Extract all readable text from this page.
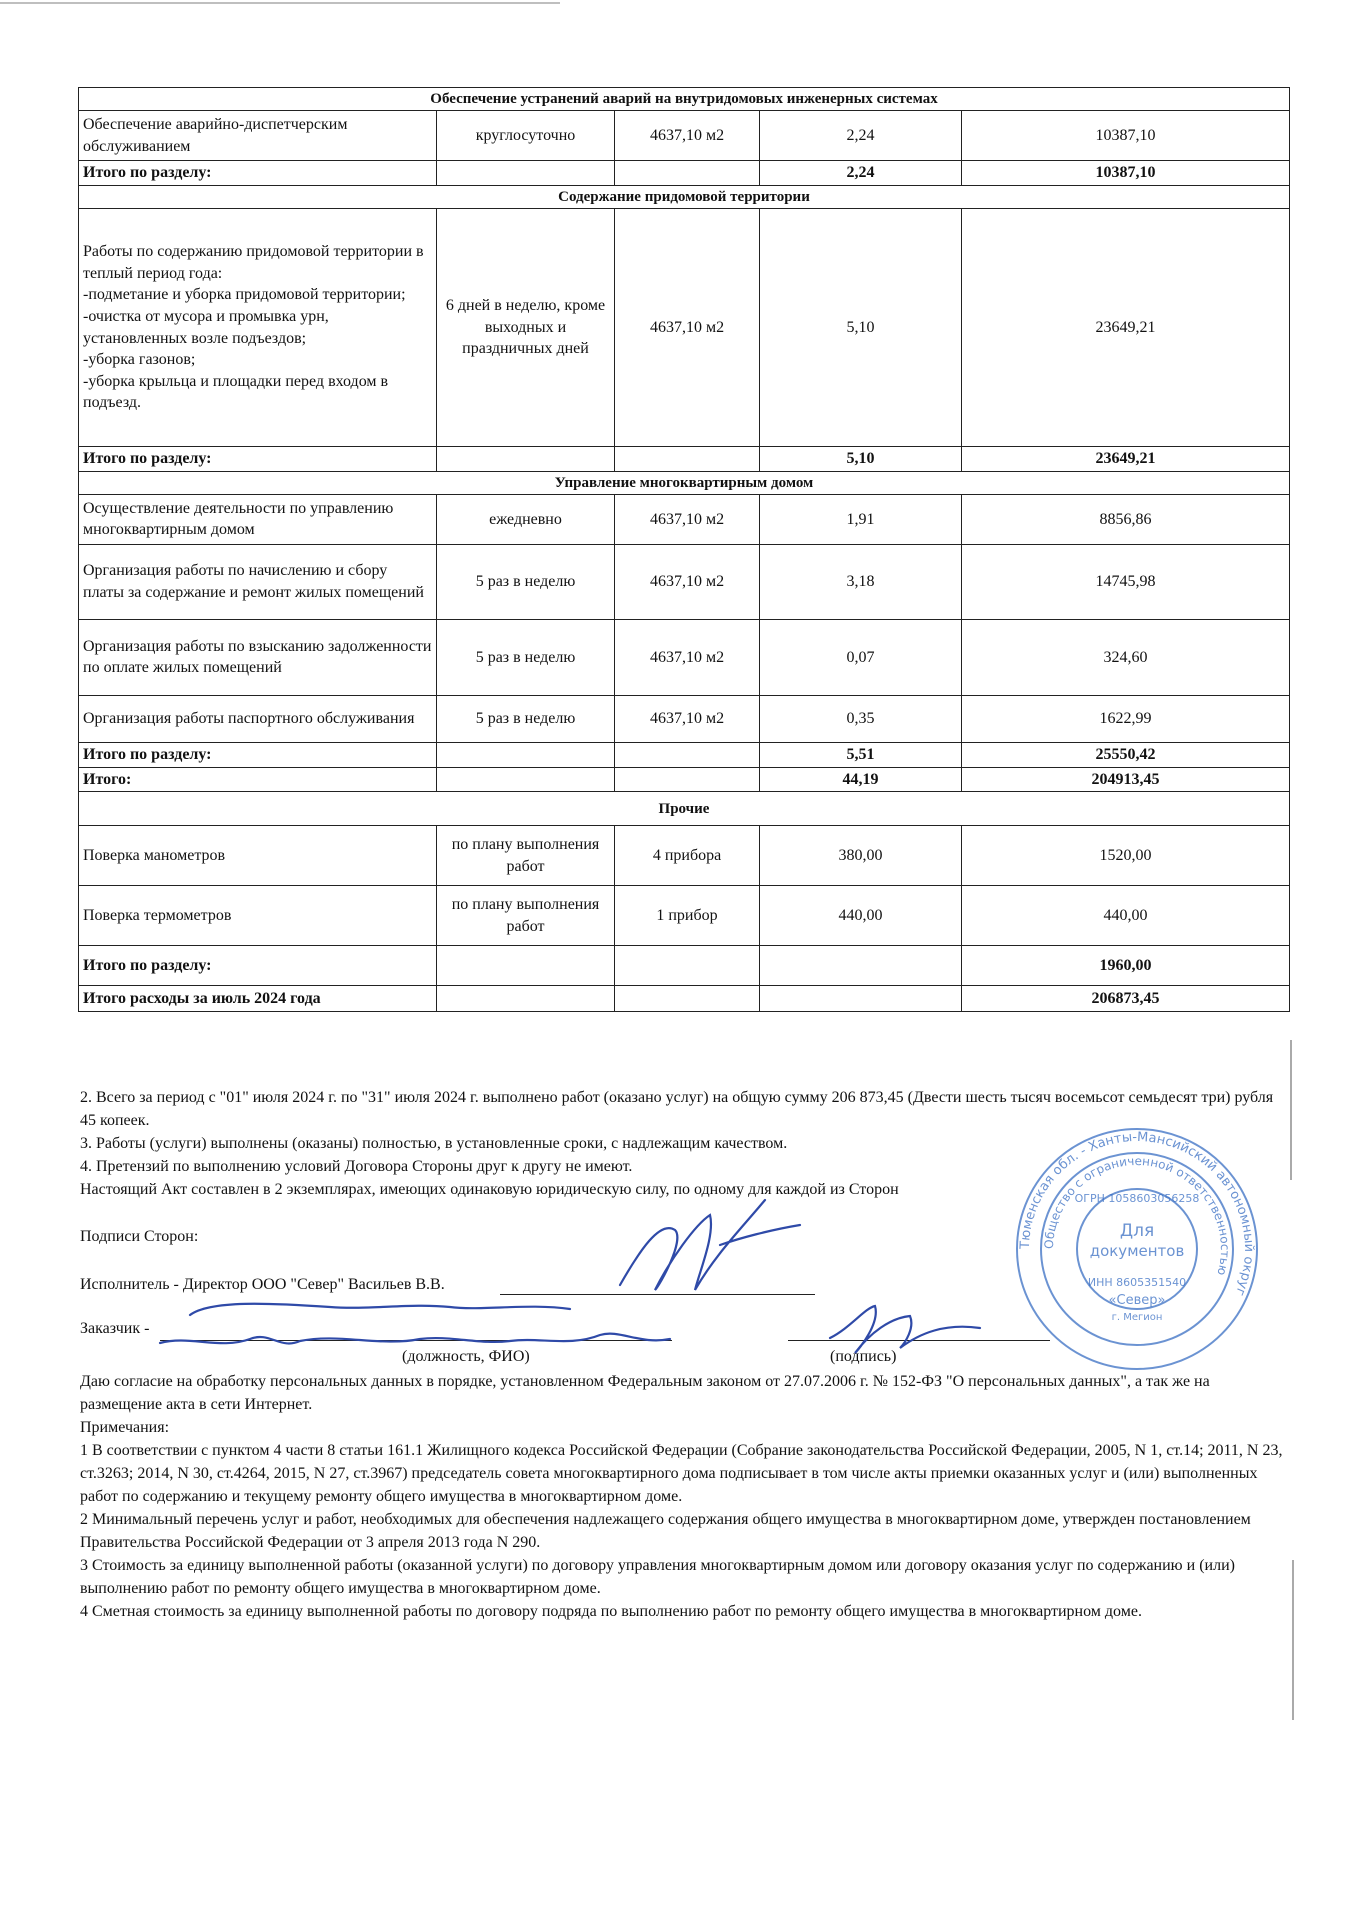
Обеспечение устранений аварий на внутридомовых инженерных системах				
Обеспечение аварийно-диспетчерским обслуживанием	круглосуточно	4637,10 м2	2,24	10387,10
Итого по разделу:			2,24	10387,10
Содержание придомовой территории				

Работы по содержанию придомовой территории в теплый период года:
-подметание и уборка придомовой территории;
-очистка от мусора и промывка урн, установленных возле подъездов;
-уборка газонов;
-уборка крыльца и площадки перед входом в подъезд.	6 дней в неделю, кроме выходных и праздничных дней	4637,10 м2	5,10	23649,21
Итого по разделу:			5,10	23649,21
Управление многоквартирным домом				
Осуществление деятельности по управлению многоквартирным домом	ежедневно	4637,10 м2	1,91	8856,86
Организация работы по начислению и сбору платы за содержание и ремонт жилых помещений	5 раз в неделю	4637,10 м2	3,18	14745,98
Организация работы по взысканию задолженности по оплате жилых помещений	5 раз в неделю	4637,10 м2	0,07	324,60
Организация работы паспортного обслуживания	5 раз в неделю	4637,10 м2	0,35	1622,99
Итого по разделу:			5,51	25550,42
Итого:			44,19	204913,45
Прочие				
Поверка манометров	по плану выполнения работ	4 прибора	380,00	1520,00
Поверка термометров	по плану выполнения работ	1 прибор	440,00	440,00
Итого по разделу:				1960,00
Итого расходы за июль 2024 года				206873,45

2. Всего за период с "01" июля 2024 г. по "31" июля 2024 г. выполнено работ (оказано услуг) на общую сумму 206 873,45 (Двести шесть тысяч восемьсот семьдесят три) рубля 45 копеек.

3. Работы (услуги) выполнены (оказаны) полностью, в установленные сроки, с надлежащим качеством.

4. Претензий по выполнению условий Договора Стороны друг к другу не имеют.

Настоящий Акт составлен в 2 экземплярах, имеющих одинаковую юридическую силу, по одному для каждой из Сторон

Подписи Сторон:
Исполнитель - Директор ООО "Север" Васильев В.В.
Заказчик -
(должность, ФИО)	(подпись)

Даю согласие на обработку персональных данных в порядке, установленном Федеральным законом от 27.07.2006 г. № 152-ФЗ "О персональных данных", а так же на размещение акта в сети Интернет.

Примечания:

1 В соответствии с пунктом 4 части 8 статьи 161.1 Жилищного кодекса Российской Федерации (Собрание законодательства Российской Федерации, 2005, N 1, ст.14; 2011, N 23, ст.3263; 2014, N 30, ст.4264, 2015, N 27, ст.3967) председатель совета многоквартирного дома подписывает в том числе акты приемки оказанных услуг и (или) выполненных работ по содержанию и текущему ремонту общего имущества в многоквартирном доме.

2 Минимальный перечень услуг и работ, необходимых для обеспечения надлежащего содержания общего имущества в многоквартирном доме, утвержден постановлением Правительства Российской Федерации от 3 апреля 2013 года N 290.

3 Стоимость за единицу выполненной работы (оказанной услуги) по договору управления многоквартирным домом или договору оказания услуг по содержанию и (или) выполнению работ по ремонту общего имущества в многоквартирном доме.

4 Сметная стоимость за единицу выполненной работы по договору подряда по выполнению работ по ремонту общего имущества в многоквартирном доме.

Тюменская обл. - Ханты-Мансийский автономный округ
Общество с ограниченной ответственностью
Для
документов
ОГРН 1058603056258
ИНН 8605351540
«Север»
г. Мегион
